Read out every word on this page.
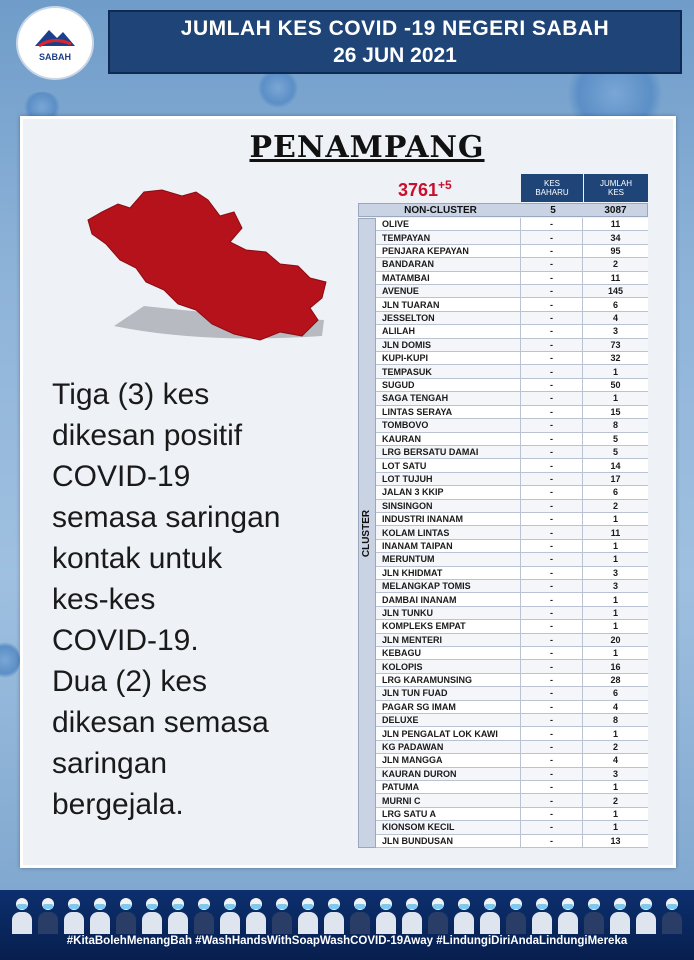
SABAH
JUMLAH KES COVID -19 NEGERI SABAH
26 JUN 2021
PENAMPANG
Tiga (3) kes
dikesan positif
COVID-19
semasa saringan
kontak untuk
kes-kes
COVID-19.
Dua (2) kes
dikesan semasa
saringan
bergejala.
$3761^{+5}$	KES BAHARU
JUMLAH KES
NON-CLUSTER	5	3087
CLUSTER
OLIVE	-	11
TEMPAYAN	-	34
PENJARA KEPAYAN	-	95
BANDARAN	-	2
MATAMBAI	-	11
AVENUE	-	145
JLN TUARAN	-	6
JESSELTON	-	4
ALILAH	-	3
JLN DOMIS	-	73
KUPI-KUPI	-	32
TEMPASUK	-	1
SUGUD	-	50
SAGA TENGAH	-	1
LINTAS SERAYA	-	15
TOMBOVO	-	8
KAURAN	-	5
LRG BERSATU DAMAI	-	5
LOT SATU	-	14
LOT TUJUH	-	17
JALAN 3 KKIP	-	6
SINSINGON	-	2
INDUSTRI INANAM	-	1
KOLAM LINTAS	-	11
INANAM TAIPAN	-	1
MERUNTUM	-	1
JLN KHIDMAT	-	3
MELANGKAP TOMIS	-	3
DAMBAI INANAM	-	1
JLN TUNKU	-	1
KOMPLEKS EMPAT	-	1
JLN MENTERI	-	20
KEBAGU	-	1
KOLOPIS	-	16
LRG KARAMUNSING	-	28
JLN TUN FUAD	-	6
PAGAR SG IMAM	-	4
DELUXE	-	8
JLN PENGALAT LOK KAWI	-	1
KG PADAWAN	-	2
JLN MANGGA	-	4
KAURAN DURON	-	3
PATUMA	-	1
MURNI C	-	2
LRG SATU A	-	1
KIONSOM KECIL	-	1
JLN BUNDUSAN	-	13
#KitaBolehMenangBah #WashHandsWithSoapWashCOVID-19Away #LindungiDiriAndaLindungiMereka
